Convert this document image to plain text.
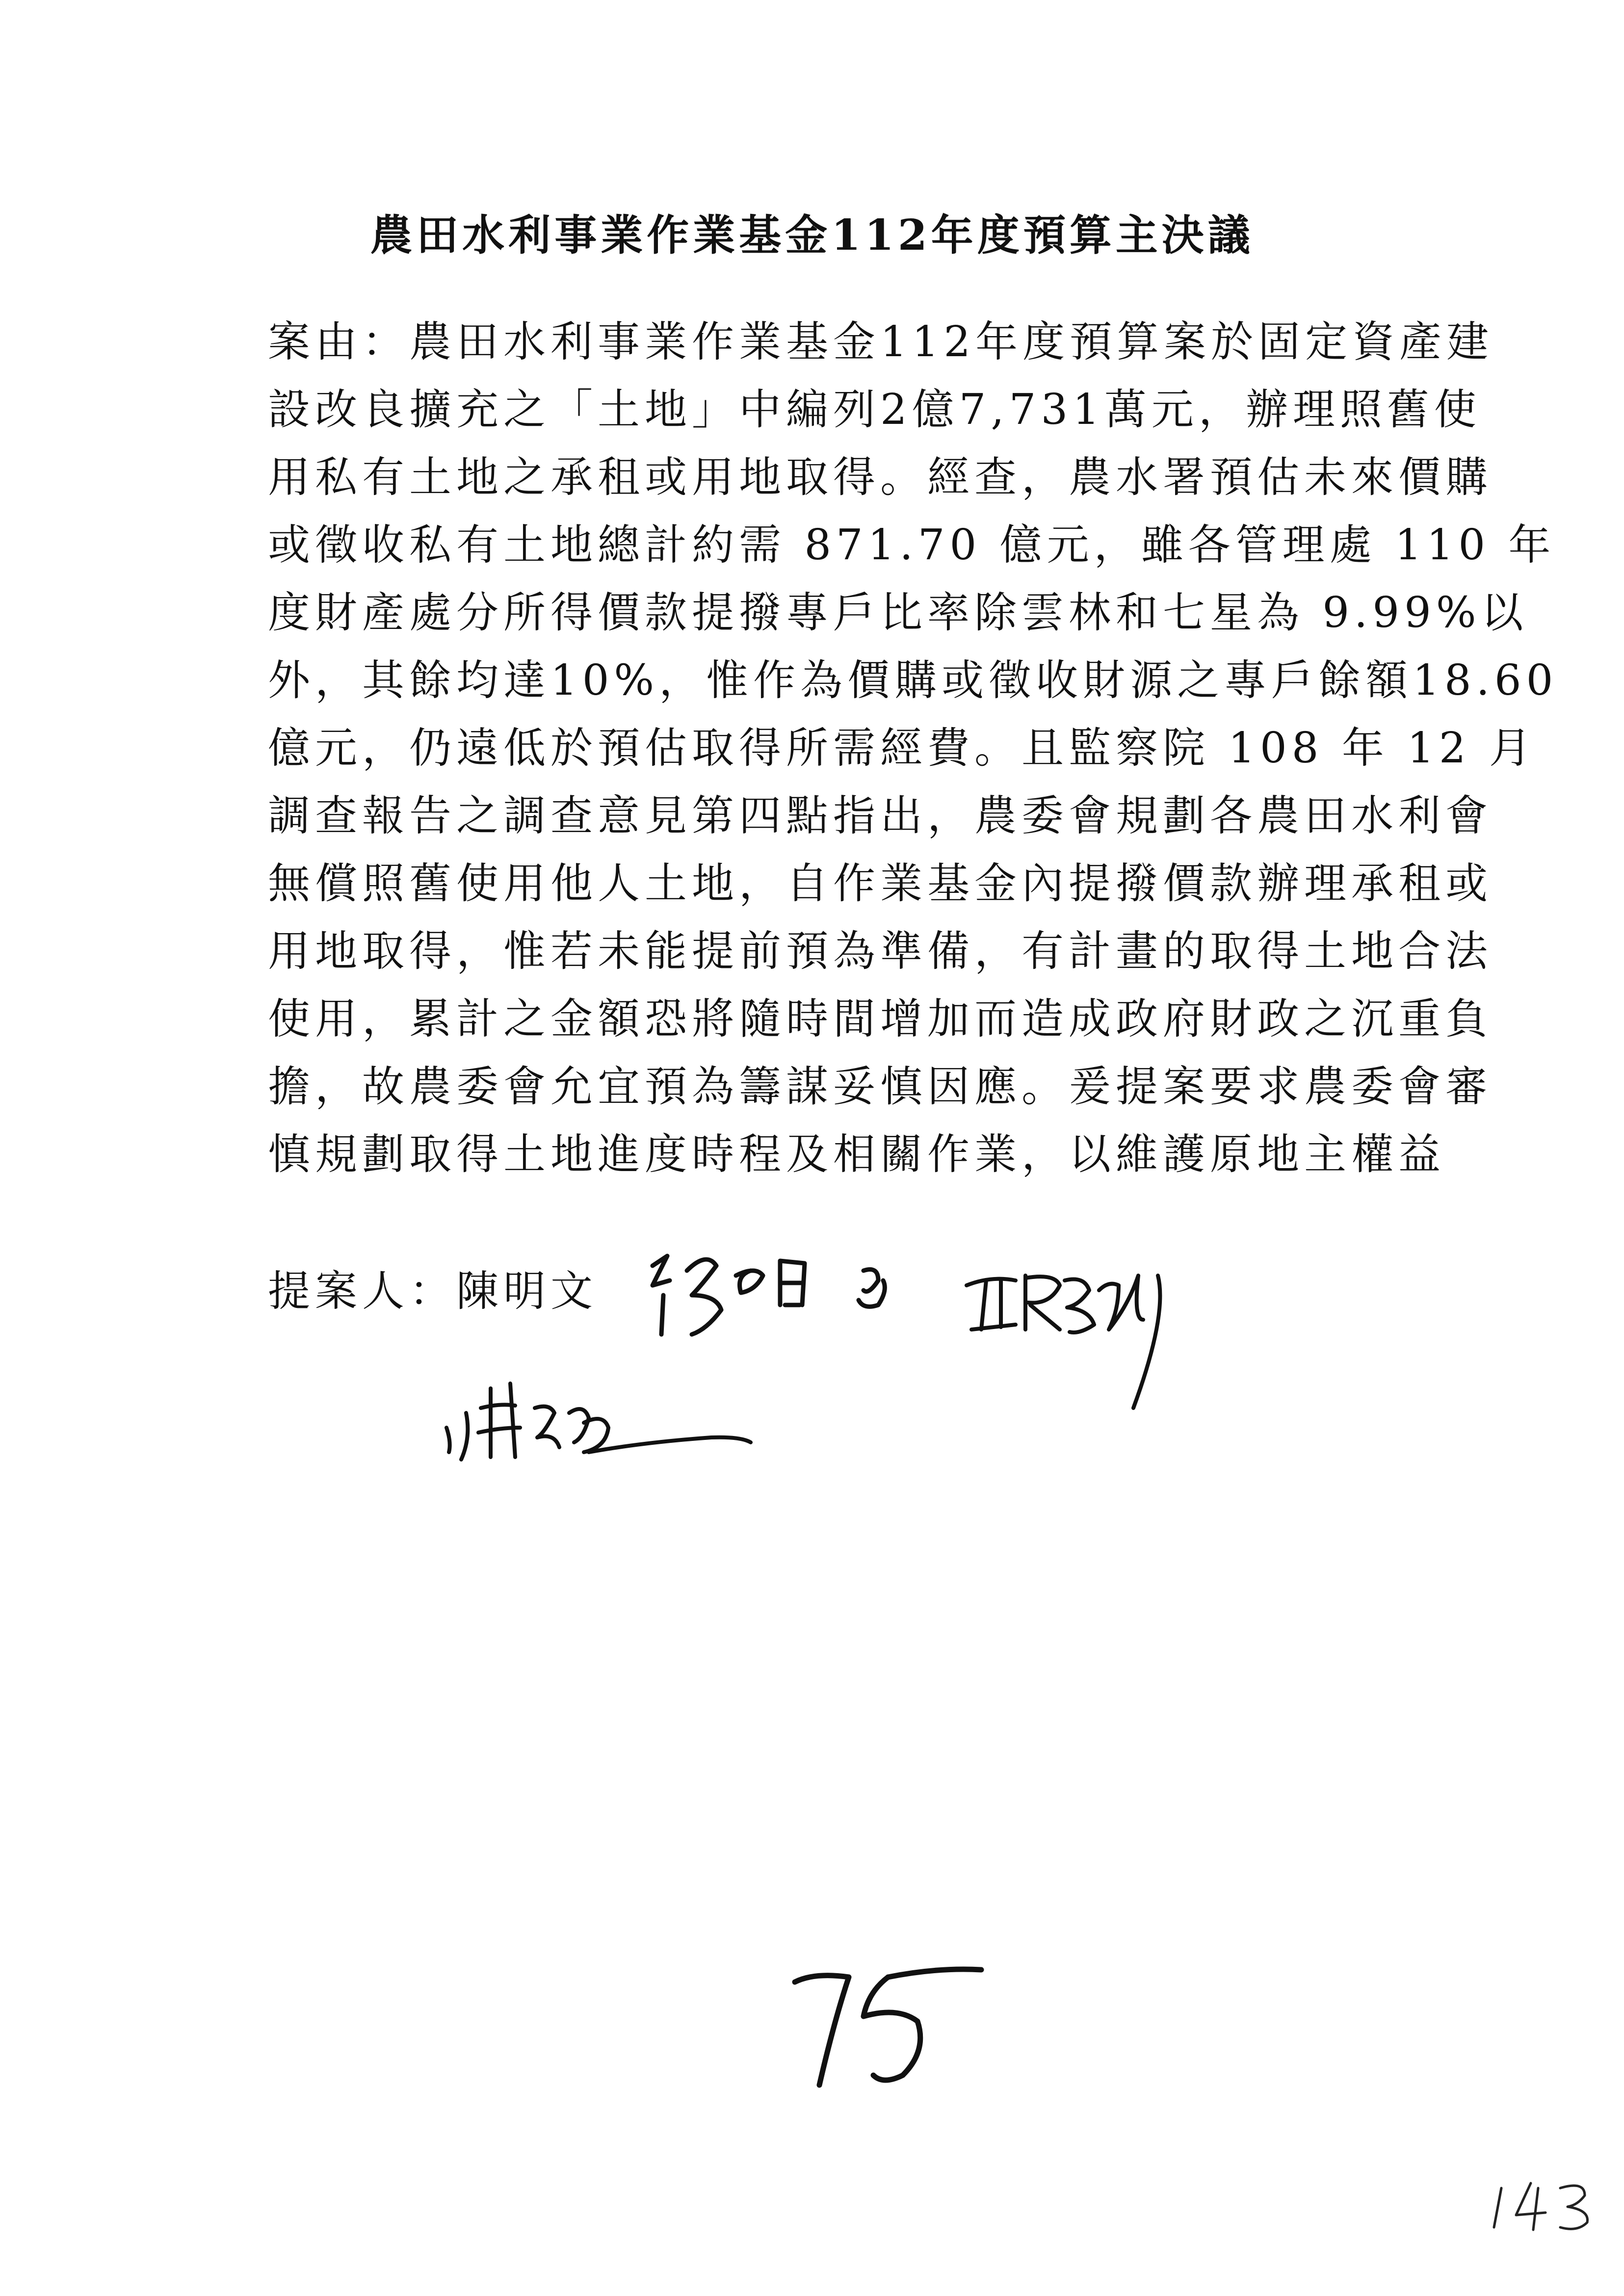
農田水利事業作業基金112年度預算主決議
案由：農田水利事業作業基金112年度預算案於固定資產建
設改良擴充之「土地」中編列2億7,731萬元，辦理照舊使
用私有土地之承租或用地取得。經查，農水署預估未來價購
或徵收私有土地總計約需 871.70 億元，雖各管理處 110 年
度財產處分所得價款提撥專戶比率除雲林和七星為 9.99%以
外，其餘均達10%，惟作為價購或徵收財源之專戶餘額18.60
億元，仍遠低於預估取得所需經費。且監察院 108 年 12 月
調查報告之調查意見第四點指出，農委會規劃各農田水利會
無償照舊使用他人土地，自作業基金內提撥價款辦理承租或
用地取得，惟若未能提前預為準備，有計畫的取得土地合法
使用，累計之金額恐將隨時間增加而造成政府財政之沉重負
擔，故農委會允宜預為籌謀妥慎因應。爰提案要求農委會審
慎規劃取得土地進度時程及相關作業，以維護原地主權益

提案人：陳明文
